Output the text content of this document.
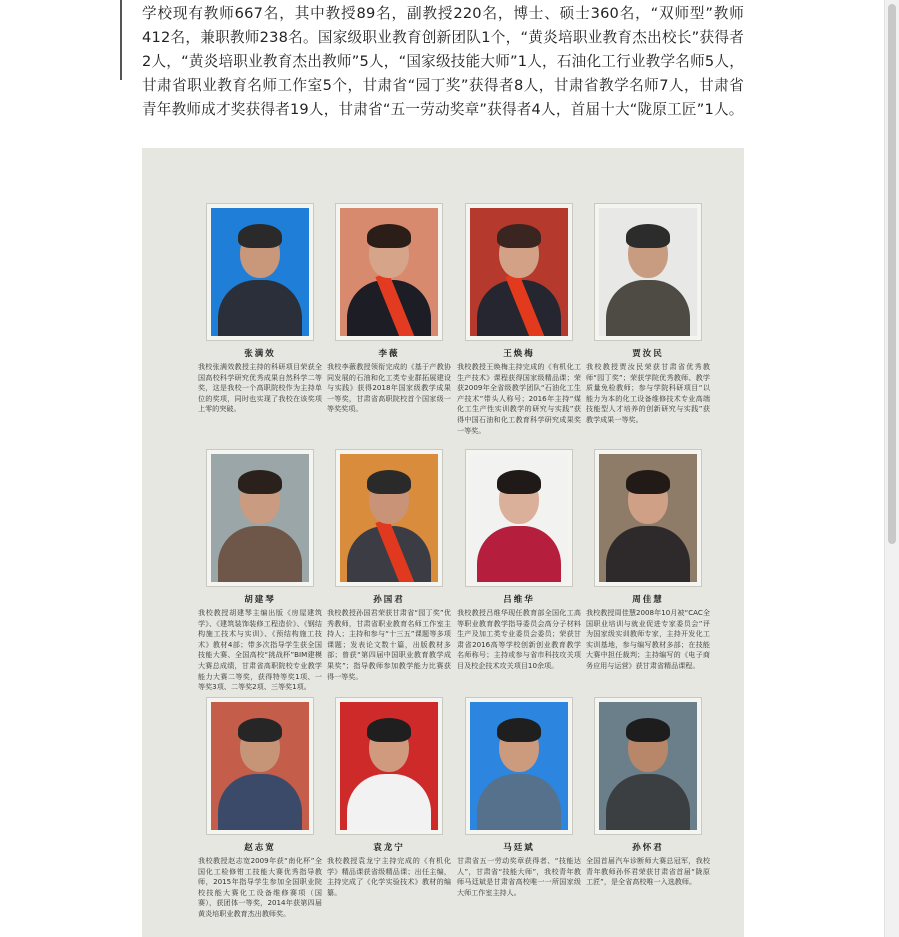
学校现有教师667名，其中教授89名，副教授220名，博士、硕士360名，“双师型”教师412名，兼职教师238名。国家级职业教育创新团队1个，“黄炎培职业教育杰出校长”获得者2人，“黄炎培职业教育杰出教师”5人，“国家级技能大师”1人，石油化工行业教学名师5人，甘肃省职业教育名师工作室5个，甘肃省“园丁奖”获得者8人，甘肃省教学名师7人，甘肃省青年教师成才奖获得者19人，甘肃省“五一劳动奖章”获得者4人，首届十大“陇原工匠”1人。

张满效

我校张满效教授主持的科研项目荣获全国高校科学研究优秀成果自然科学二等奖，这是我校一个高职院校作为主持单位的奖项，同时也实现了我校在该奖项上零的突破。

李薇

我校李薇教授领衔完成的《基于产教协同发展的石油和化工类专业群拓展建设与实践》获得2018年国家级教学成果一等奖，甘肃省高职院校首个国家级一等奖奖项。

王焕梅

我校教授王焕梅主持完成的《有机化工生产技术》课程获得国家级精品课；荣获2009年全省级教学团队“石油化工生产技术”带头人称号；2016年主持“煤化工生产性实训教学的研究与实践”获得中国石油和化工教育科学研究成果奖一等奖。

贾汝民

我校教授贾汝民荣获甘肃省优秀教师“园丁奖”；荣获学院优秀教师、教学质量免检教师；参与学院科研项目“以能力为本的化工设备维修技术专业高端技能型人才培养的创新研究与实践”获教学成果一等奖。

胡建琴

我校教授胡建琴主编出版《房屋建筑学》、《建筑装饰装修工程造价》、《钢结构施工技术与实训》、《预结构施工技术》教材4部；带多次指导学生获全国技能大赛、全国高校“挑战杯”BIM建模大赛总成绩，甘肃省高职院校专业教学能力大赛二等奖，获得特等奖1项、一等奖3项、二等奖2项、三等奖1项。

孙国君

我校教授孙国君荣获甘肃省“园丁奖”优秀教师，甘肃省职业教育名师工作室主持人；主持和参与“十三五”课题等多项课题；发表论文数十篇，出版教材多部；曾获“第四届中国职业教育教学成果奖”；指导教师参加教学能力比赛获得一等奖。

吕维华

我校教授吕维华现任教育部全国化工高等职业教育教学指导委员会高分子材料生产及加工类专业委员会委员；荣获甘肃省2016高等学校创新创业教育教学名师称号；主持或参与省市科技攻关项目及校企技术攻关项目10余项。

周佳慧

我校教授周佳慧2008年10月被“CAC全国职业培训与就业促进专家委员会”评为国家级实训教师专家，主持开发化工实训基地，参与编写教材多部；在技能大赛中担任裁判；主持编写的《电子商务应用与运营》获甘肃省精品课程。

赵志宽

我校教授赵志宽2009年获“南化杯”全国化工检修钳工技能大赛优秀指导教师，2015年指导学生参加全国职业院校技能大赛化工设备维修赛项（国赛），获团体一等奖，2014年获第四届黄炎培职业教育杰出教师奖。

袁龙宁

我校教授袁龙宁主持完成的《有机化学》精品课获省级精品课；出任主编，主持完成了《化学实验技术》教材的编纂。

马廷斌

甘肃省五一劳动奖章获得者、“技能达人”，甘肃省“技能大师”，我校青年教师马廷斌是甘肃省高校唯一一所国家级大师工作室主持人。

孙怀君

全国首届汽车诊断师大赛总冠军，我校青年教师孙怀君荣获甘肃省首届“陇原工匠”，是全省高校唯一入选教师。
